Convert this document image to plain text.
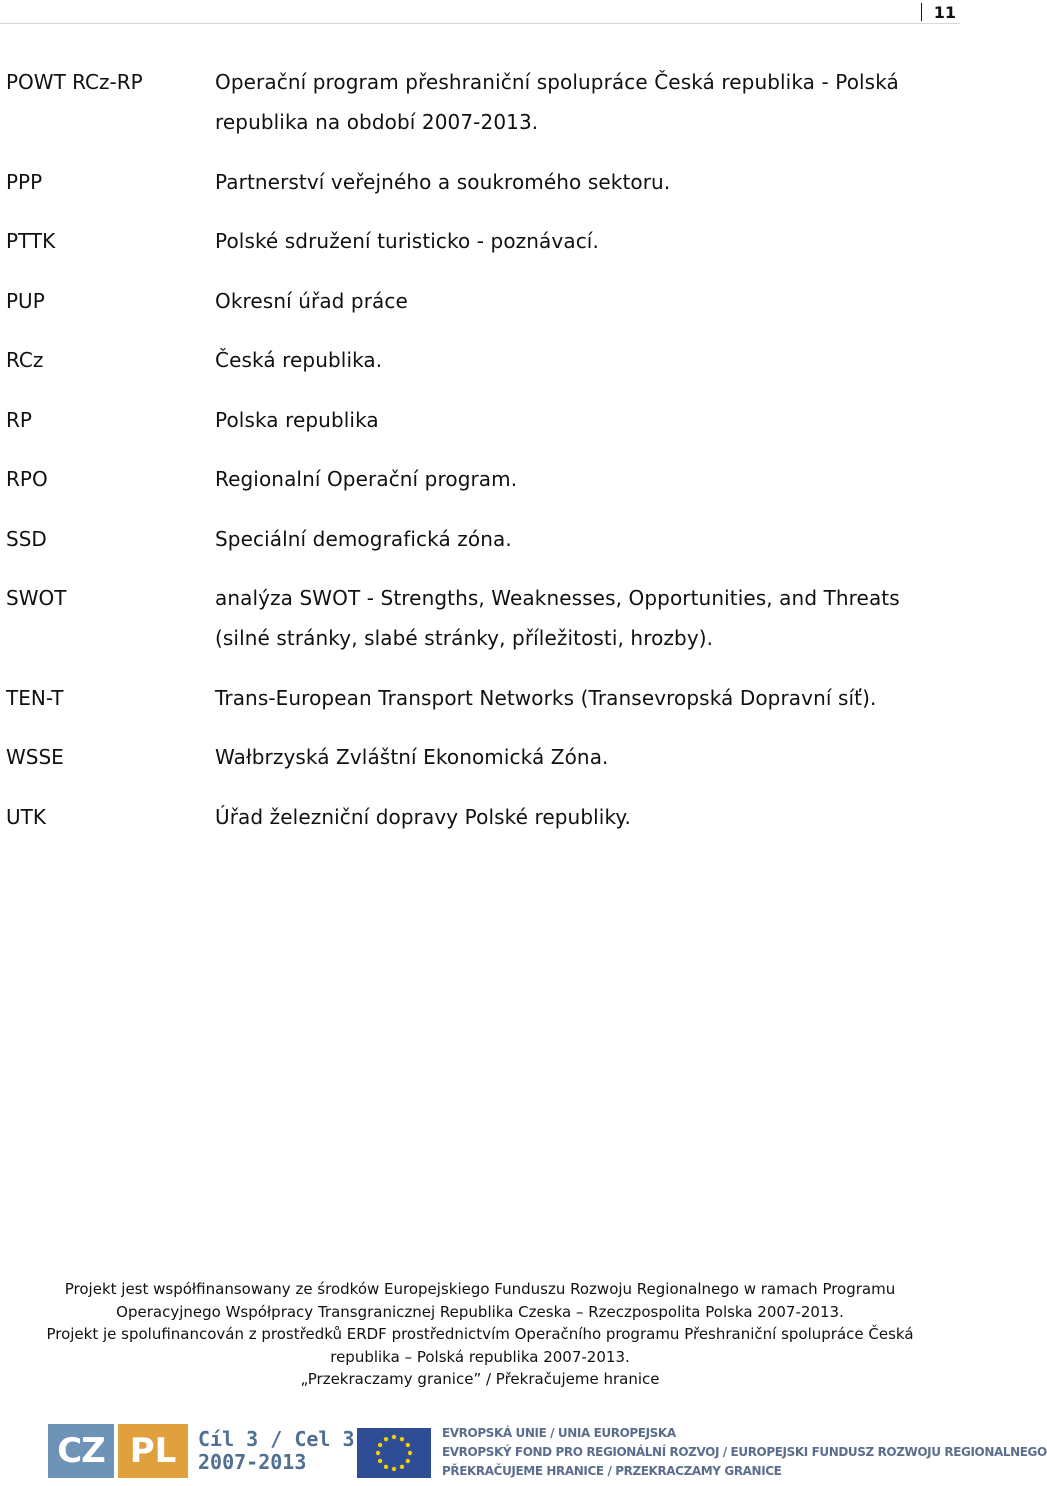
11
POWT RCz-RP	Operační program přeshraniční spolupráce Česká republika - Polská republika na období 2007-2013.
PPP	Partnerství veřejného a soukromého sektoru.
PTTK	Polské sdružení turisticko - poznávací.
PUP	Okresní úřad práce
RCz	Česká republika.
RP	Polska republika
RPO	Regionalní Operační program.
SSD	Speciální demografická zóna.
SWOT	analýza SWOT - Strengths, Weaknesses, Opportunities, and Threats (silné stránky, slabé stránky, příležitosti, hrozby).
TEN-T	Trans-European Transport Networks (Transevropská Dopravní síť).
WSSE	Wałbrzyská Zvláštní Ekonomická Zóna.
UTK	Úřad železniční dopravy Polské republiky.
Projekt jest współfinansowany ze środków Europejskiego Funduszu Rozwoju Regionalnego w ramach Programu
Operacyjnego Współpracy Transgranicznej Republika Czeska – Rzeczpospolita Polska 2007-2013.
Projekt je spolufinancován z prostředků ERDF prostřednictvím Operačního programu Přeshraniční spolupráce Česká
republika – Polská republika 2007-2013.
„Przekraczamy granice” / Překračujeme hranice
CZ PL	Cíl 3 / Cel 3
2007-2013
EVROPSKÁ UNIE / UNIA EUROPEJSKA
EVROPSKÝ FOND PRO REGIONÁLNÍ ROZVOJ / EUROPEJSKI FUNDUSZ ROZWOJU REGIONALNEGO
PŘEKRAČUJEME HRANICE / PRZEKRACZAMY GRANICE
